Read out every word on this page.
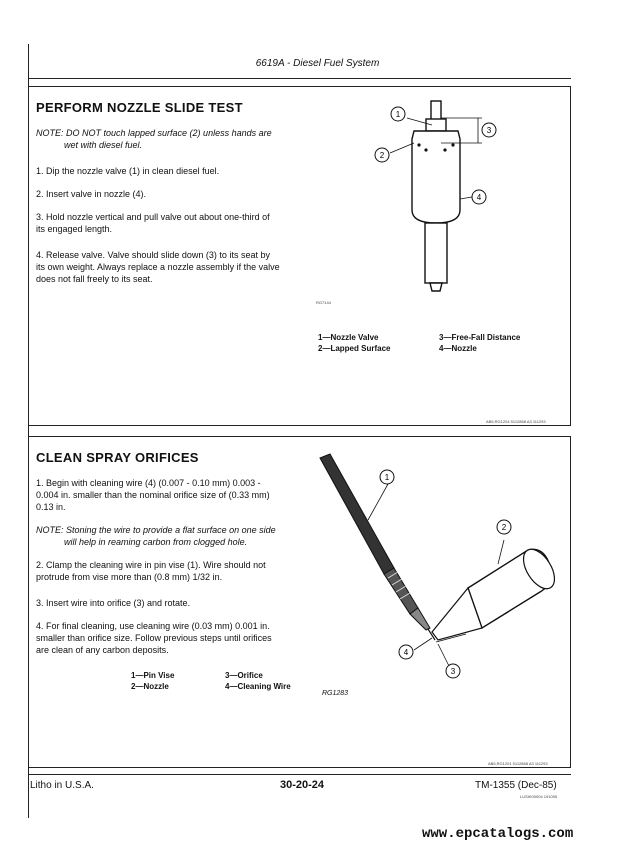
6619A - Diesel Fuel System
PERFORM NOZZLE SLIDE TEST
NOTE: DO NOT touch lapped surface (2) unless hands are
wet with diesel fuel.
1. Dip the nozzle valve (1) in clean diesel fuel.
2. Insert valve in nozzle (4).
3. Hold nozzle vertical and pull valve out about one-third of
its engaged length.
4. Release valve. Valve should slide down (3) to its seat by
its own weight. Always replace a nozzle assembly if the valve
does not fall freely to its seat.
1
2
3
4
RG7144
1—Nozzle Valve
2—Lapped Surface
3—Free-Fall Distance
4—Nozzle
AB6,RG1204 5112868 A3 111293
CLEAN SPRAY ORIFICES
1. Begin with cleaning wire (4) (0.007 - 0.10 mm) 0.003 -
0.004 in. smaller than the nominal orifice size of (0.33 mm)
0.13 in.
NOTE: Stoning the wire to provide a flat surface on one side
will help in reaming carbon from clogged hole.
2. Clamp the cleaning wire in pin vise (1). Wire should not
protrude from vise more than (0.8 mm) 1/32 in.
3. Insert wire into orifice (3) and rotate.
4. For final cleaning, use cleaning wire (0.03 mm) 0.001 in.
smaller than orifice size. Follow previous steps until orifices
are clean of any carbon deposits.
1—Pin Vise
2—Nozzle
3—Orifice
4—Cleaning Wire
1
2
4
3
RG1283
AB6,RG1201 5112868 A3 111293
Litho in U.S.A.	30-20-24	TM-1355 (Dec-85)
LUSIK00004 191005
www.epcatalogs.com
